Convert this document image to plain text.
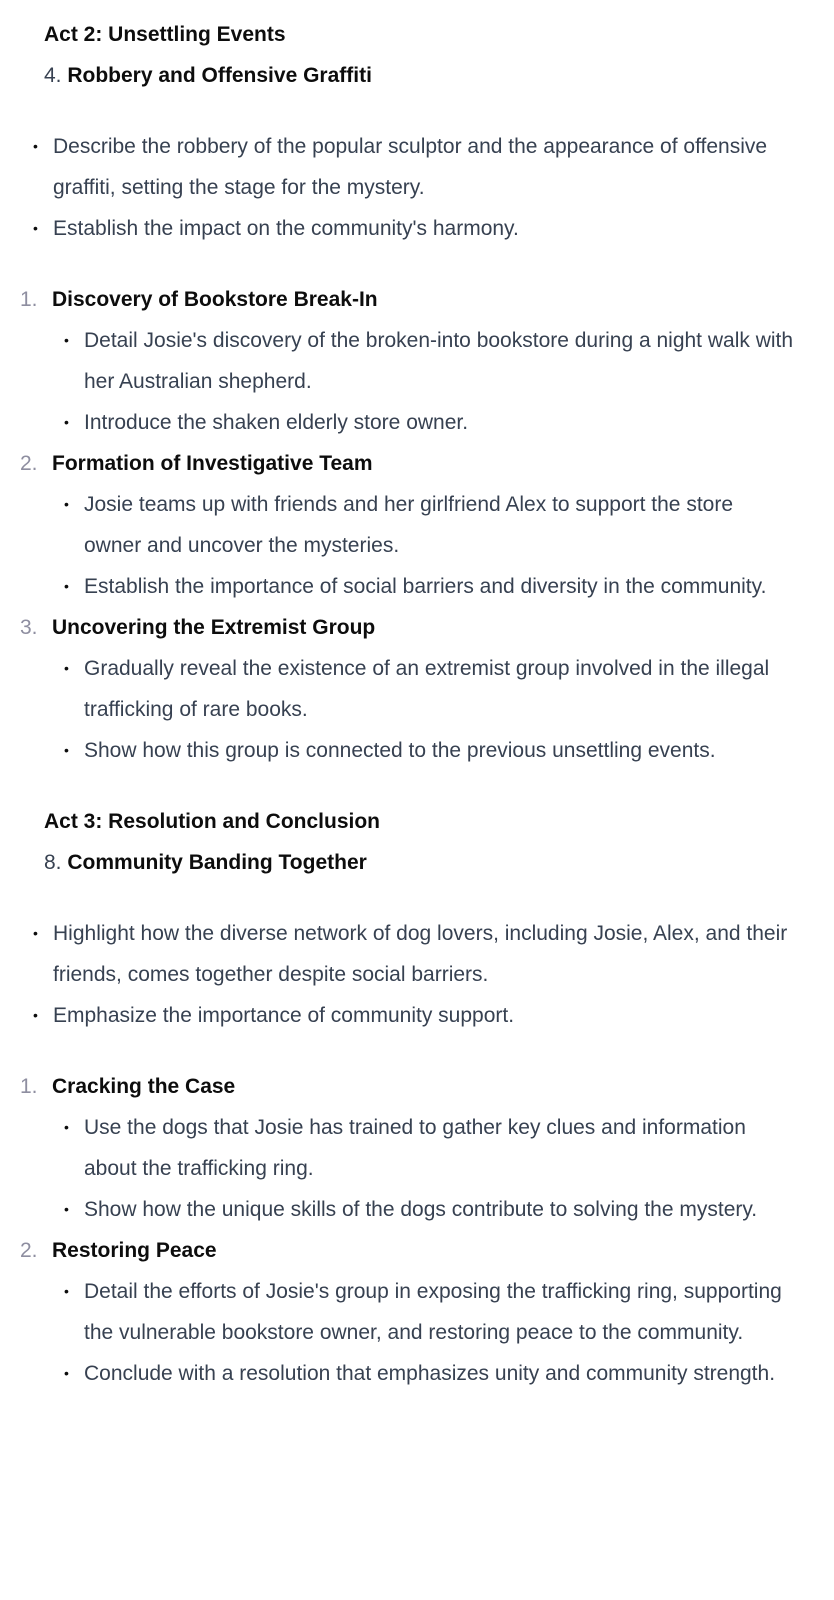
Act 2: Unsettling Events
4. Robbery and Offensive Graffiti
• Describe the robbery of the popular sculptor and the appearance of offensive graffiti, setting the stage for the mystery.
• Establish the impact on the community's harmony.
1. Discovery of Bookstore Break-In
• Detail Josie's discovery of the broken-into bookstore during a night walk with her Australian shepherd.
• Introduce the shaken elderly store owner.
2. Formation of Investigative Team
• Josie teams up with friends and her girlfriend Alex to support the store owner and uncover the mysteries.
• Establish the importance of social barriers and diversity in the community.
3. Uncovering the Extremist Group
• Gradually reveal the existence of an extremist group involved in the illegal trafficking of rare books.
• Show how this group is connected to the previous unsettling events.
Act 3: Resolution and Conclusion
8. Community Banding Together
• Highlight how the diverse network of dog lovers, including Josie, Alex, and their friends, comes together despite social barriers.
• Emphasize the importance of community support.
1. Cracking the Case
• Use the dogs that Josie has trained to gather key clues and information about the trafficking ring.
• Show how the unique skills of the dogs contribute to solving the mystery.
2. Restoring Peace
• Detail the efforts of Josie's group in exposing the trafficking ring, supporting the vulnerable bookstore owner, and restoring peace to the community.
• Conclude with a resolution that emphasizes unity and community strength.
